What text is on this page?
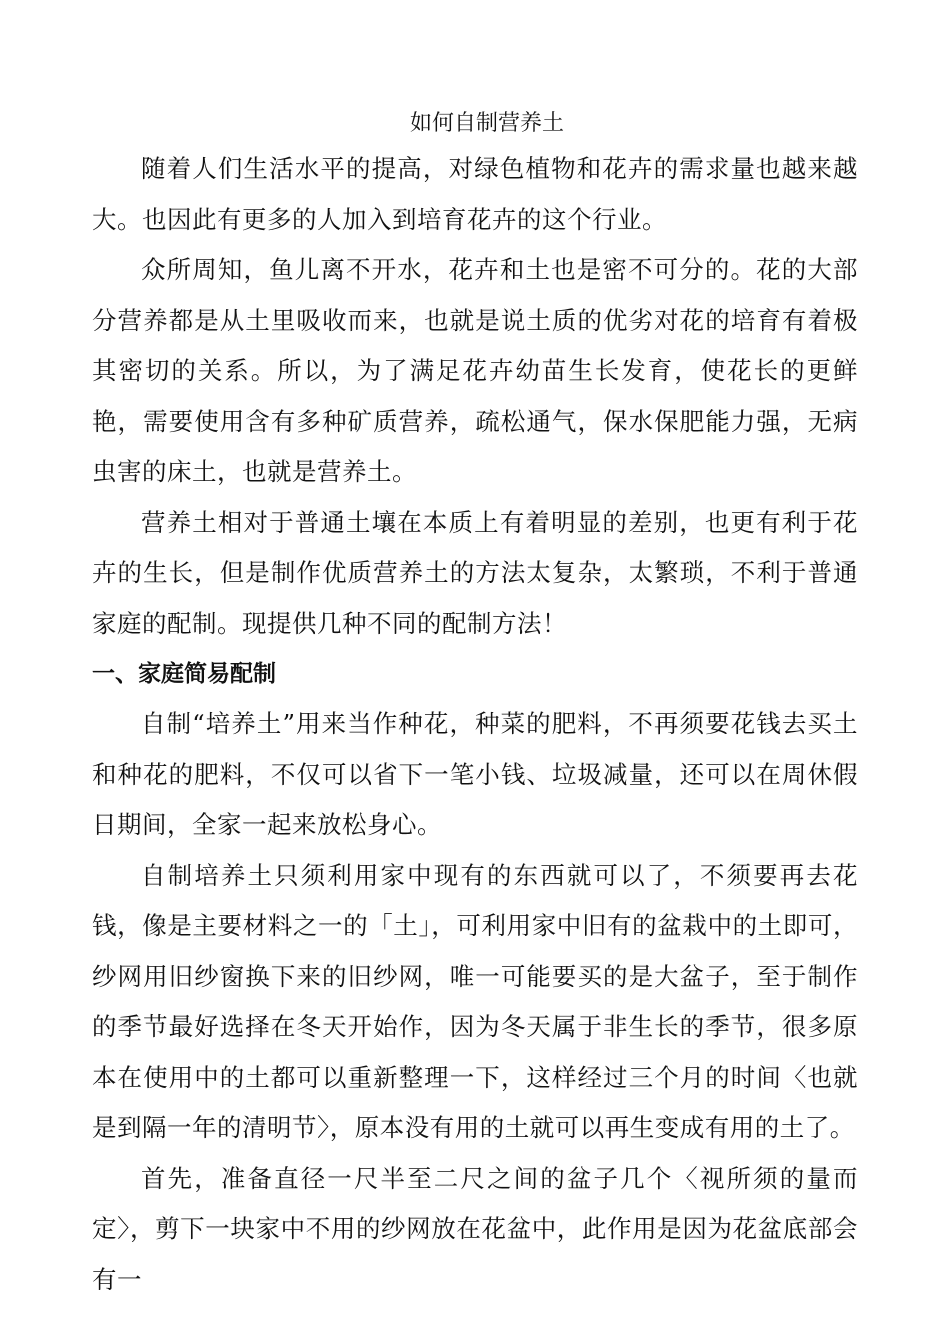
如何自制营养土

随着人们生活水平的提高，对绿色植物和花卉的需求量也越来越大。也因此有更多的人加入到培育花卉的这个行业。

众所周知，鱼儿离不开水，花卉和土也是密不可分的。花的大部分营养都是从土里吸收而来，也就是说土质的优劣对花的培育有着极其密切的关系。所以，为了满足花卉幼苗生长发育，使花长的更鲜艳，需要使用含有多种矿质营养，疏松通气，保水保肥能力强，无病虫害的床土，也就是营养土。

营养土相对于普通土壤在本质上有着明显的差别，也更有利于花卉的生长，但是制作优质营养土的方法太复杂，太繁琐，不利于普通家庭的配制。现提供几种不同的配制方法！

一、家庭简易配制

自制“培养土”用来当作种花，种菜的肥料，不再须要花钱去买土和种花的肥料，不仅可以省下一笔小钱、垃圾减量，还可以在周休假日期间，全家一起来放松身心。

自制培养土只须利用家中现有的东西就可以了，不须要再去花钱，像是主要材料之一的「土」，可利用家中旧有的盆栽中的土即可，纱网用旧纱窗换下来的旧纱网，唯一可能要买的是大盆子，至于制作的季节最好选择在冬天开始作，因为冬天属于非生长的季节，很多原本在使用中的土都可以重新整理一下，这样经过三个月的时间〈也就是到隔一年的清明节〉，原本没有用的土就可以再生变成有用的土了。

首先，准备直径一尺半至二尺之间的盆子几个〈视所须的量而定〉，剪下一块家中不用的纱网放在花盆中，此作用是因为花盆底部会有一
